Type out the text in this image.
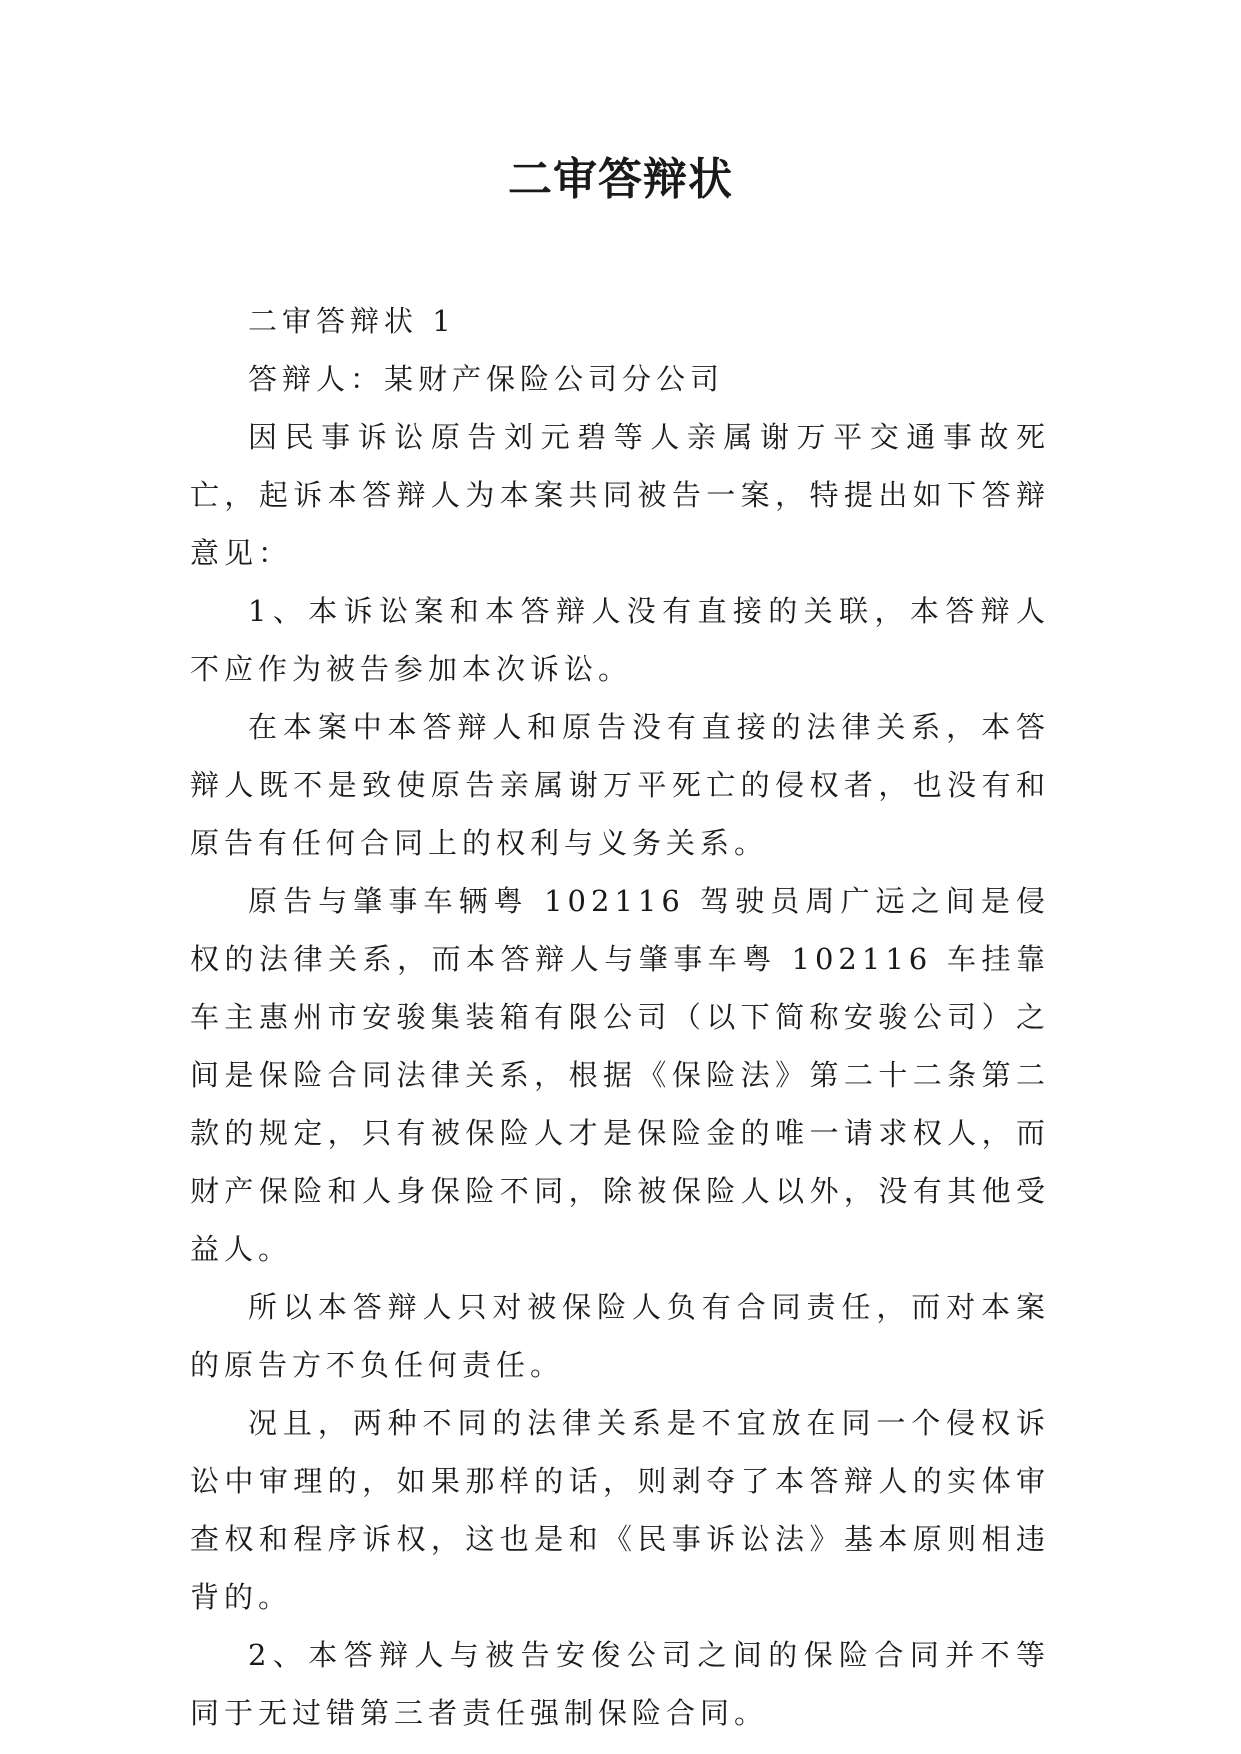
二审答辩状

二审答辩状 1

答辩人：某财产保险公司分公司

因民事诉讼原告刘元碧等人亲属谢万平交通事故死亡，起诉本答辩人为本案共同被告一案，特提出如下答辩意见：

1、本诉讼案和本答辩人没有直接的关联，本答辩人不应作为被告参加本次诉讼。

在本案中本答辩人和原告没有直接的法律关系，本答辩人既不是致使原告亲属谢万平死亡的侵权者，也没有和原告有任何合同上的权利与义务关系。

原告与肇事车辆粤 102116 驾驶员周广远之间是侵权的法律关系，而本答辩人与肇事车粤 102116 车挂靠车主惠州市安骏集装箱有限公司（以下简称安骏公司）之间是保险合同法律关系，根据《保险法》第二十二条第二款的规定，只有被保险人才是保险金的唯一请求权人，而财产保险和人身保险不同，除被保险人以外，没有其他受益人。

所以本答辩人只对被保险人负有合同责任，而对本案的原告方不负任何责任。

况且，两种不同的法律关系是不宜放在同一个侵权诉讼中审理的，如果那样的话，则剥夺了本答辩人的实体审查权和程序诉权，这也是和《民事诉讼法》基本原则相违背的。

2、本答辩人与被告安俊公司之间的保险合同并不等同于无过错第三者责任强制保险合同。
